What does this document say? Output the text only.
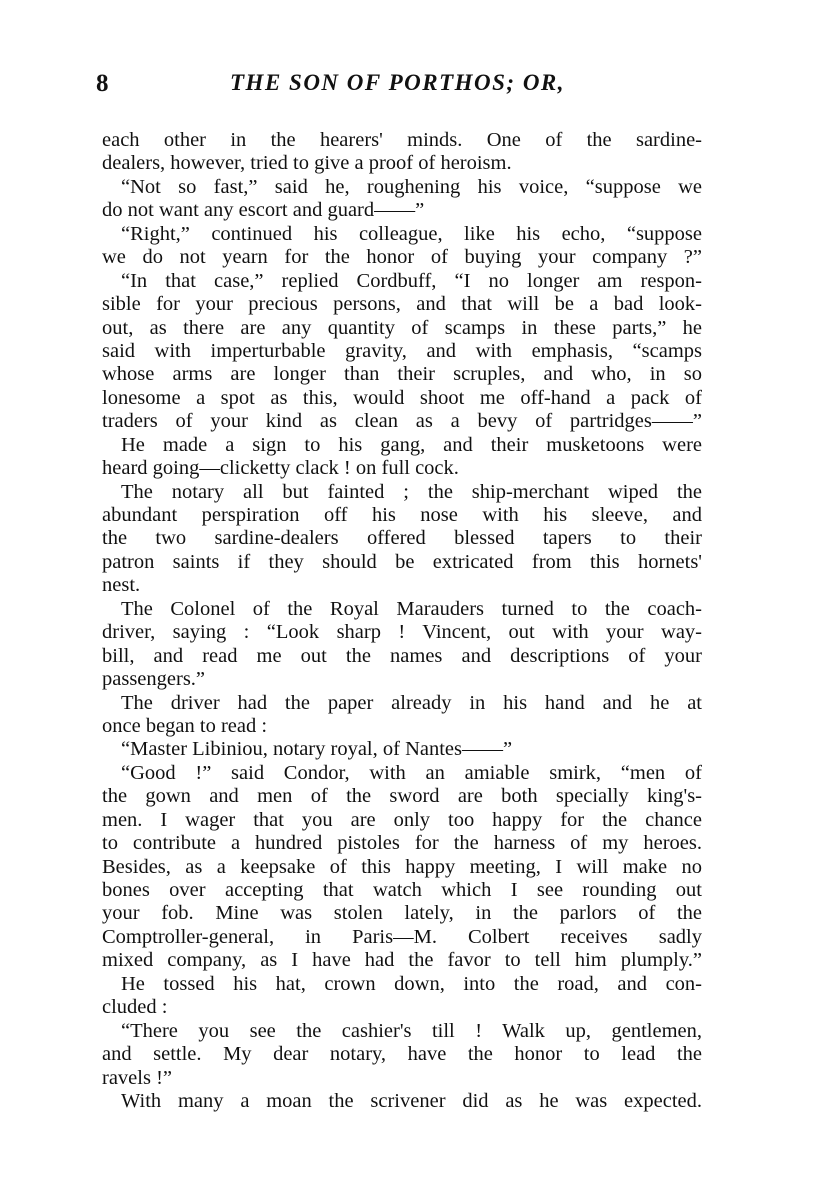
8	THE SON OF PORTHOS; OR,
each other in the hearers' minds. One of the sardine-
dealers, however, tried to give a proof of heroism.
“Not so fast,” said he, roughening his voice, “suppose we
do not want any escort and guard——”
“Right,” continued his colleague, like his echo, “suppose
we do not yearn for the honor of buying your company ?”
“In that case,” replied Cordbuff, “I no longer am respon-
sible for your precious persons, and that will be a bad look-
out, as there are any quantity of scamps in these parts,” he
said with imperturbable gravity, and with emphasis, “scamps
whose arms are longer than their scruples, and who, in so
lonesome a spot as this, would shoot me off-hand a pack of
traders of your kind as clean as a bevy of partridges——”
He made a sign to his gang, and their musketoons were
heard going—clicketty clack ! on full cock.
The notary all but fainted ; the ship-merchant wiped the
abundant perspiration off his nose with his sleeve, and
the two sardine-dealers offered blessed tapers to their
patron saints if they should be extricated from this hornets'
nest.
The Colonel of the Royal Marauders turned to the coach-
driver, saying : “Look sharp ! Vincent, out with your way-
bill, and read me out the names and descriptions of your
passengers.”
The driver had the paper already in his hand and he at
once began to read :
“Master Libiniou, notary royal, of Nantes——”
“Good !” said Condor, with an amiable smirk, “men of
the gown and men of the sword are both specially king's-
men. I wager that you are only too happy for the chance
to contribute a hundred pistoles for the harness of my heroes.
Besides, as a keepsake of this happy meeting, I will make no
bones over accepting that watch which I see rounding out
your fob. Mine was stolen lately, in the parlors of the
Comptroller-general, in Paris—M. Colbert receives sadly
mixed company, as I have had the favor to tell him plumply.”
He tossed his hat, crown down, into the road, and con-
cluded :
“There you see the cashier's till ! Walk up, gentlemen,
and settle. My dear notary, have the honor to lead the
ravels !”
With many a moan the scrivener did as he was expected.
